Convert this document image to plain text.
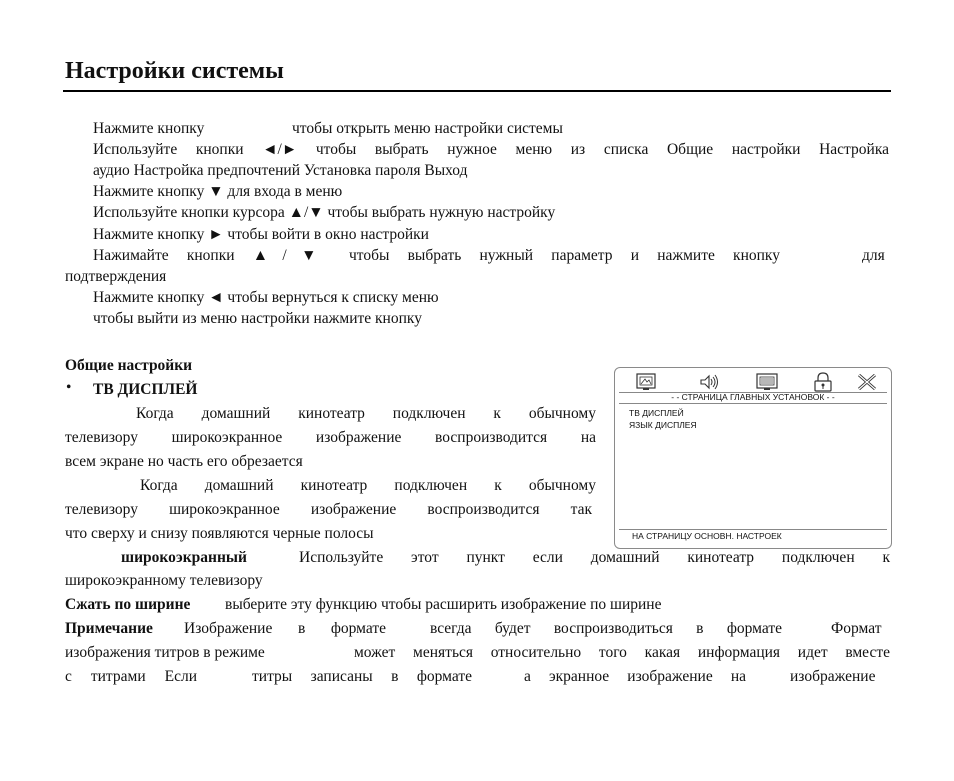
Настройки системы
Нажмите кнопку	чтобы открыть меню настройки системы
Используйте кнопки ◄/► чтобы выбрать нужное меню из списка Общие настройки Настройка
аудио Настройка предпочтений Установка пароля Выход
Нажмите кнопку ▼ для входа в меню
Используйте кнопки курсора ▲/▼ чтобы выбрать нужную настройку
Нажмите кнопку ► чтобы войти в окно настройки
Нажимайте кнопки ▲/▼ чтобы выбрать нужный параметр и нажмите кнопку	для
подтверждения
Нажмите кнопку ◄ чтобы вернуться к списку меню
чтобы выйти из меню настройки нажмите кнопку
Общие настройки
• ТВ ДИСПЛЕЙ
Когда домашний кинотеатр подключен к обычному
телевизору широкоэкранное изображение воспроизводится на
всем экране но часть его обрезается
Когда домашний кинотеатр подключен к обычному
телевизору широкоэкранное изображение воспроизводится так
что сверху и снизу появляются черные полосы
широкоэкранный	Используйте этот пункт если домашний кинотеатр подключен к
широкоэкранному телевизору
Сжать по ширине выберите эту функцию чтобы расширить изображение по ширине
Примечание Изображение в формате	всегда будет воспроизводиться в формате	Формат
изображения титров в режиме	может меняться относительно того какая информация идет вместе
с титрами Если	титры записаны в формате	а экранное изображение на	изображение
- - СТРАНИЦА ГЛАВНЫХ УСТАНОВОК - -
ТВ ДИСПЛЕЙ
ЯЗЫК ДИСПЛЕЯ
НА СТРАНИЦУ ОСНОВН. НАСТРОЕК
